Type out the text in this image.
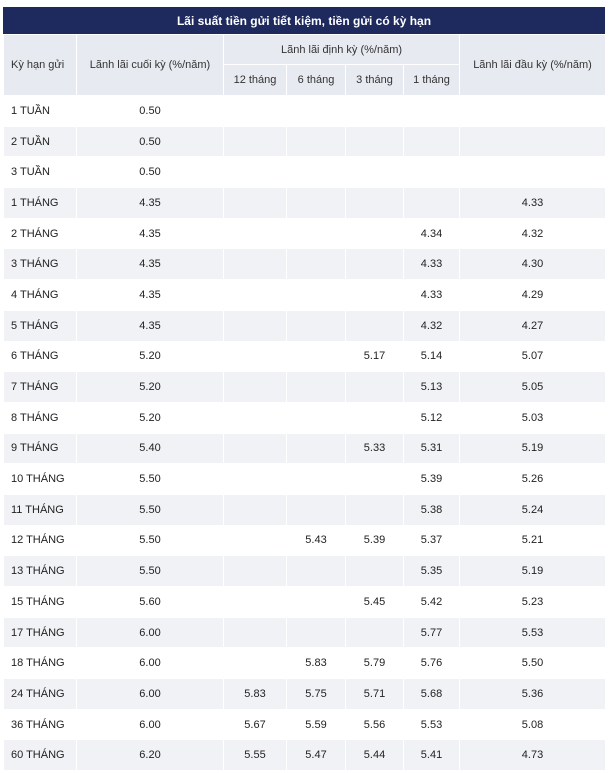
Lãi suất tiền gửi tiết kiệm, tiền gửi có kỳ hạn
Kỳ hạn gửi	Lãnh lãi cuối kỳ (%/năm)	Lãnh lãi định kỳ (%/năm)				Lãnh lãi đầu kỳ (%/năm)
		12 tháng	6 tháng	3 tháng	1 tháng	
1 TUẦN	0.50					
2 TUẦN	0.50					
3 TUẦN	0.50					
1 THÁNG	4.35					4.33
2 THÁNG	4.35				4.34	4.32
3 THÁNG	4.35				4.33	4.30
4 THÁNG	4.35				4.33	4.29
5 THÁNG	4.35				4.32	4.27
6 THÁNG	5.20			5.17	5.14	5.07
7 THÁNG	5.20				5.13	5.05
8 THÁNG	5.20				5.12	5.03
9 THÁNG	5.40			5.33	5.31	5.19
10 THÁNG	5.50				5.39	5.26
11 THÁNG	5.50				5.38	5.24
12 THÁNG	5.50		5.43	5.39	5.37	5.21
13 THÁNG	5.50				5.35	5.19
15 THÁNG	5.60			5.45	5.42	5.23
17 THÁNG	6.00				5.77	5.53
18 THÁNG	6.00		5.83	5.79	5.76	5.50
24 THÁNG	6.00	5.83	5.75	5.71	5.68	5.36
36 THÁNG	6.00	5.67	5.59	5.56	5.53	5.08
60 THÁNG	6.20	5.55	5.47	5.44	5.41	4.73
